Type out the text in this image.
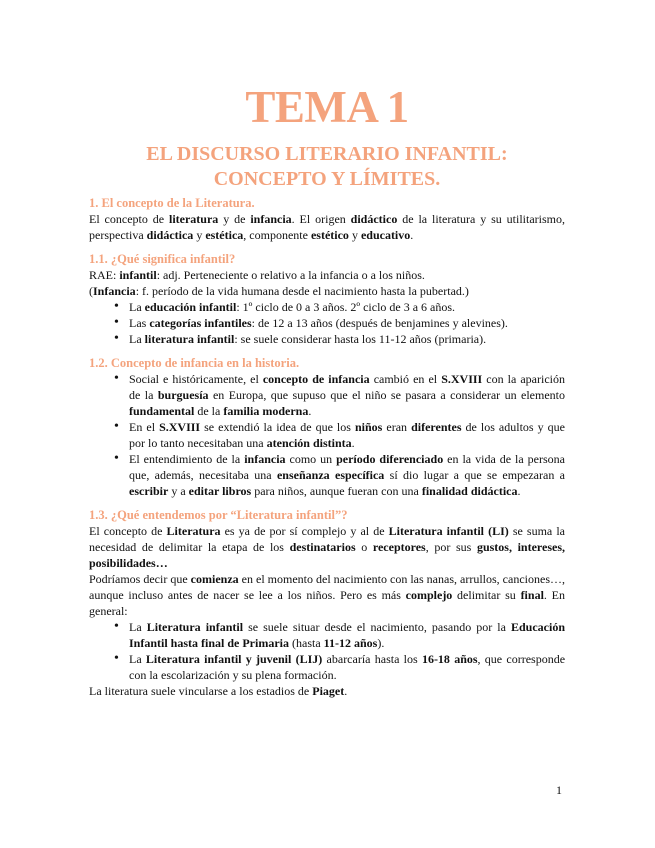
TEMA 1
EL DISCURSO LITERARIO INFANTIL:
CONCEPTO Y LÍMITES.
1. El concepto de la Literatura.

El concepto de literatura y de infancia. El origen didáctico de la literatura y su utilitarismo, perspectiva didáctica y estética, componente estético y educativo.

1.1. ¿Qué significa infantil?

RAE: infantil: adj. Perteneciente o relativo a la infancia o a los niños.

(Infancia: f. período de la vida humana desde el nacimiento hasta la pubertad.)

• La educación infantil: 1º ciclo de 0 a 3 años. 2º ciclo de 3 a 6 años.
• Las categorías infantiles: de 12 a 13 años (después de benjamines y alevines).
• La literatura infantil: se suele considerar hasta los 11-12 años (primaria).
1.2. Concepto de infancia en la historia.
• Social e históricamente, el concepto de infancia cambió en el S.XVIII con la aparición de la burguesía en Europa, que supuso que el niño se pasara a considerar un elemento fundamental de la familia moderna.
• En el S.XVIII se extendió la idea de que los niños eran diferentes de los adultos y que por lo tanto necesitaban una atención distinta.
• El entendimiento de la infancia como un período diferenciado en la vida de la persona que, además, necesitaba una enseñanza específica sí dio lugar a que se empezaran a escribir y a editar libros para niños, aunque fueran con una finalidad didáctica.
1.3. ¿Qué entendemos por “Literatura infantil”?

El concepto de Literatura es ya de por sí complejo y al de Literatura infantil (LI) se suma la necesidad de delimitar la etapa de los destinatarios o receptores, por sus gustos, intereses, posibilidades…

Podríamos decir que comienza en el momento del nacimiento con las nanas, arrullos, canciones…, aunque incluso antes de nacer se lee a los niños. Pero es más complejo delimitar su final. En general:

• La Literatura infantil se suele situar desde el nacimiento, pasando por la Educación Infantil hasta final de Primaria (hasta 11-12 años).
• La Literatura infantil y juvenil (LIJ) abarcaría hasta los 16-18 años, que corresponde con la escolarización y su plena formación.

La literatura suele vincularse a los estadios de Piaget.

1
